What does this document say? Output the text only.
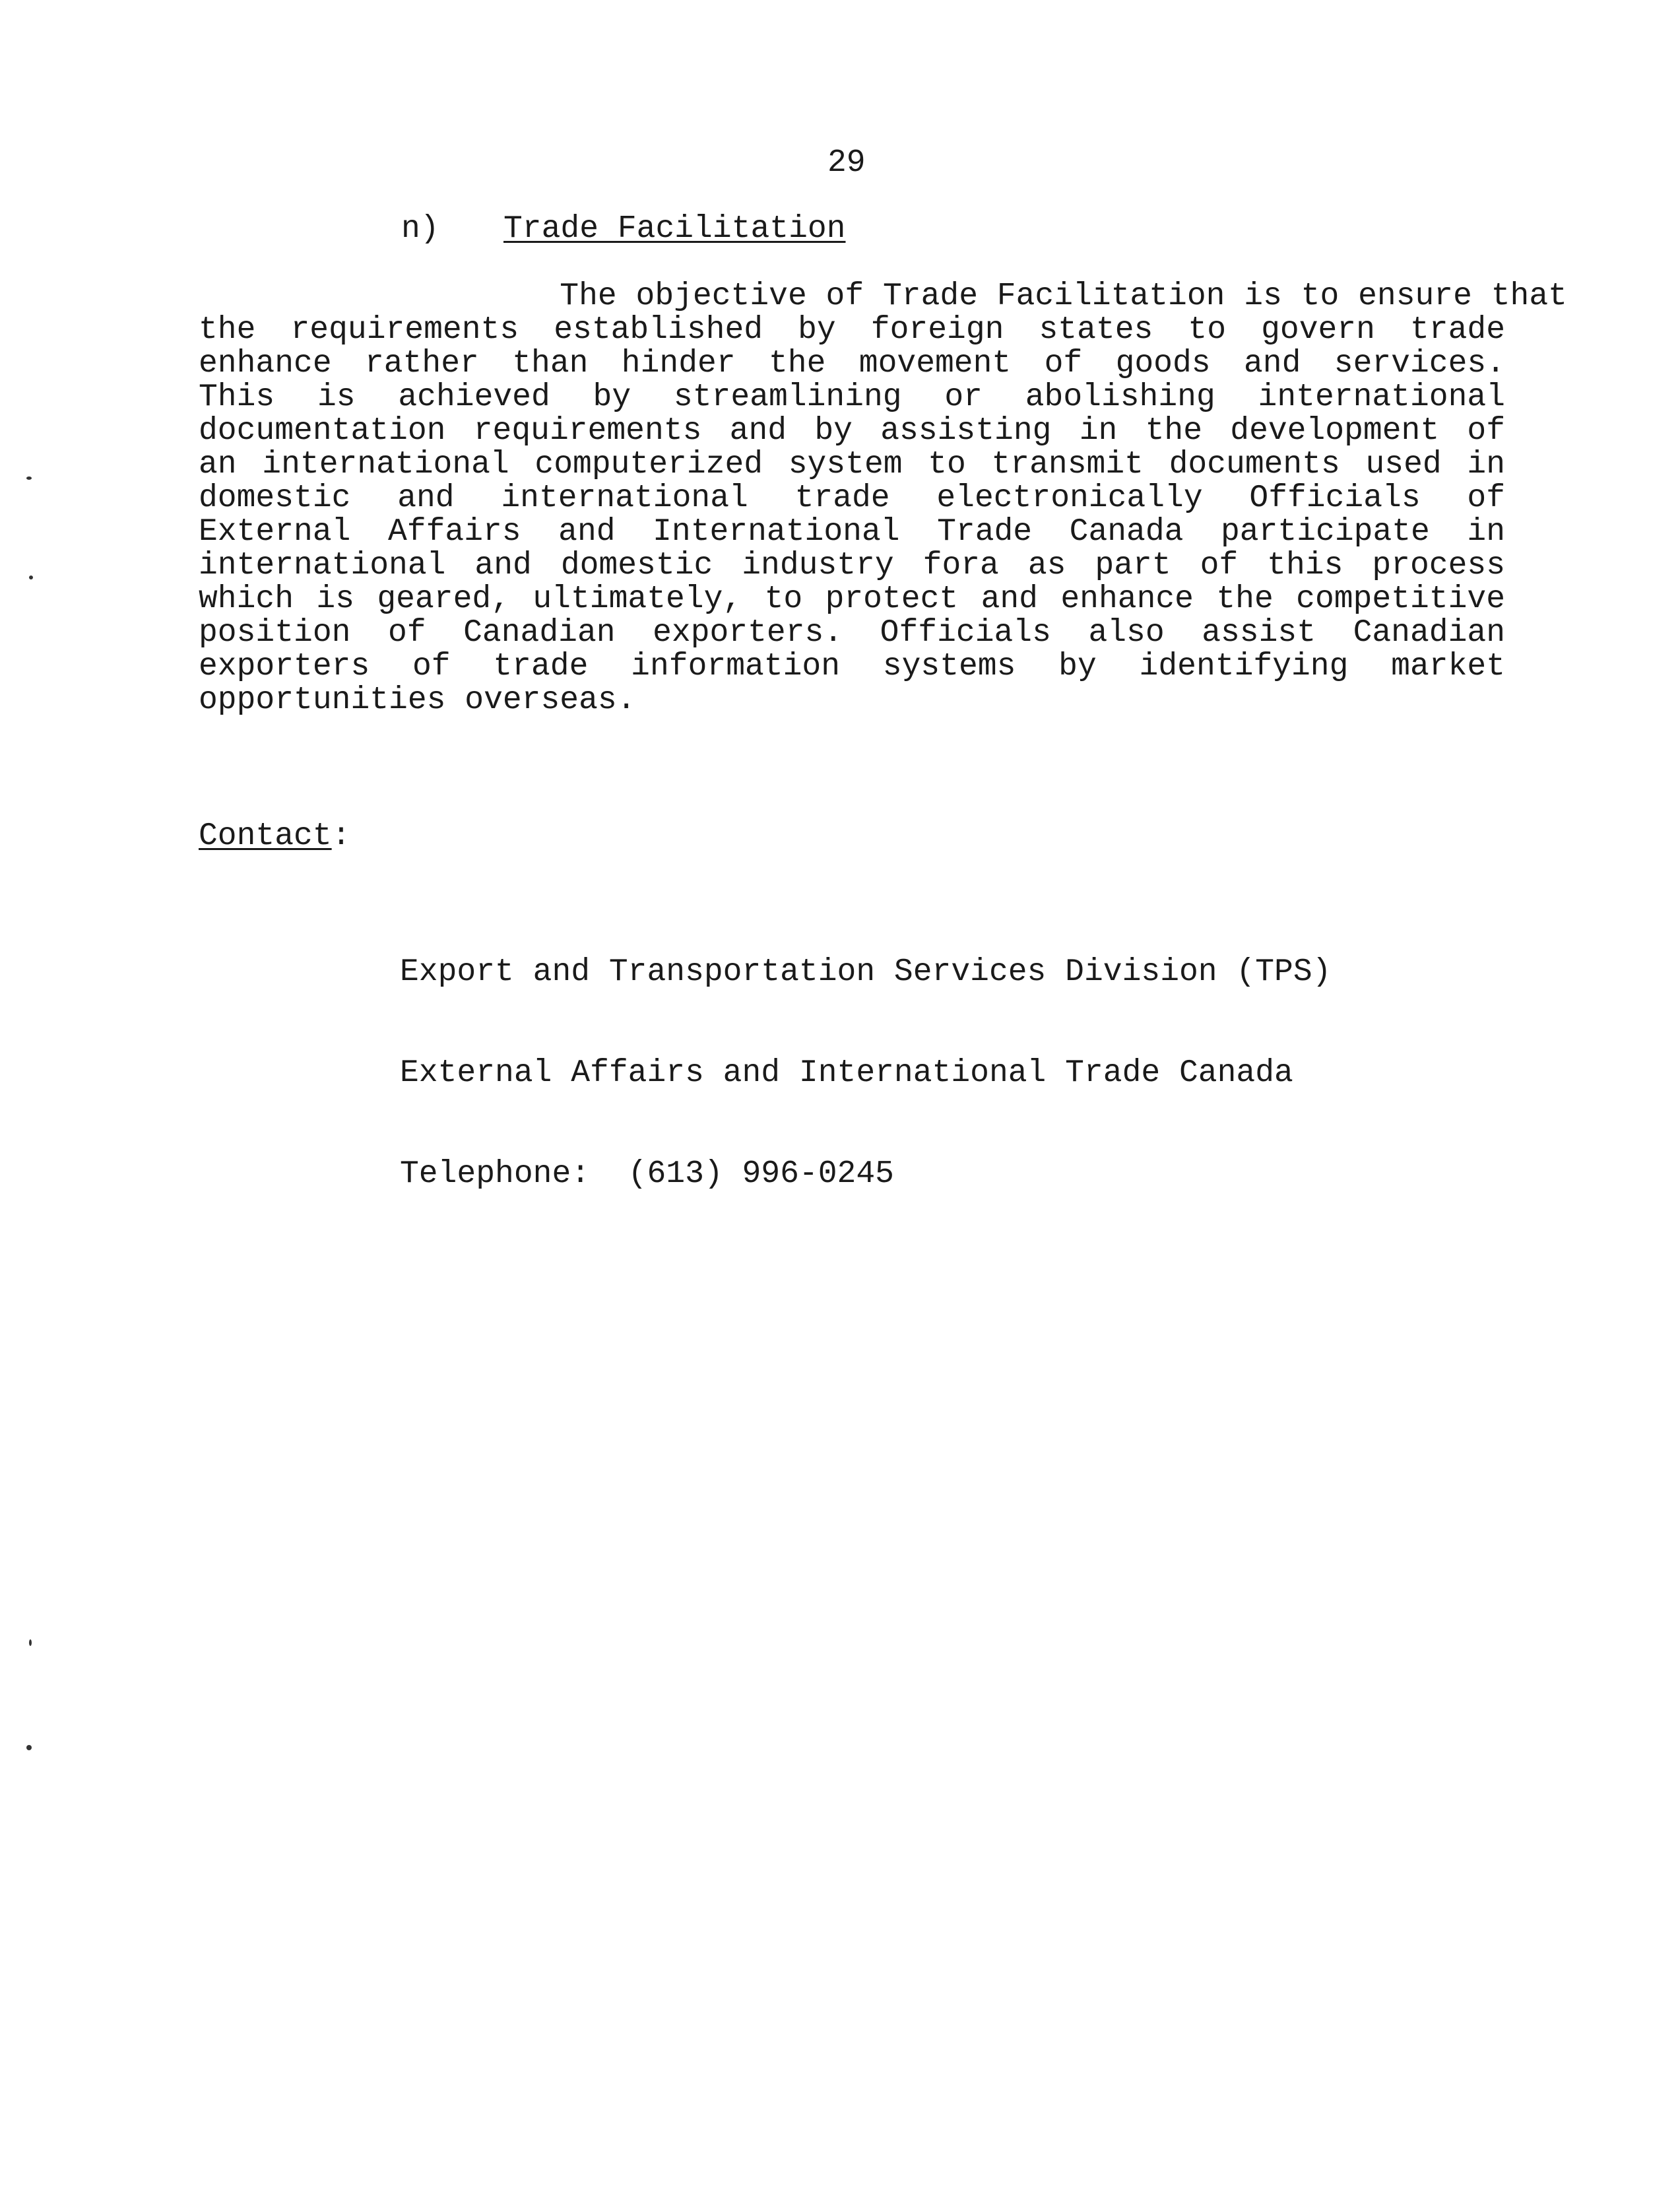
29
n) Trade Facilitation
The objective of Trade Facilitation is to ensure that
the requirements established by foreign states to govern trade
enhance rather than hinder the movement of goods and services.
This is achieved by streamlining or abolishing international
documentation requirements and by assisting in the development of
an international computerized system to transmit documents used in
domestic and international trade electronically Officials of
External Affairs and International Trade Canada participate in
international and domestic industry fora as part of this process
which is geared, ultimately, to protect and enhance the competitive
position of Canadian exporters. Officials also assist Canadian
exporters of trade information systems by identifying market
opportunities overseas.
Contact:

Export and Transportation Services Division (TPS)

External Affairs and International Trade Canada

Telephone:  (613) 996-0245
